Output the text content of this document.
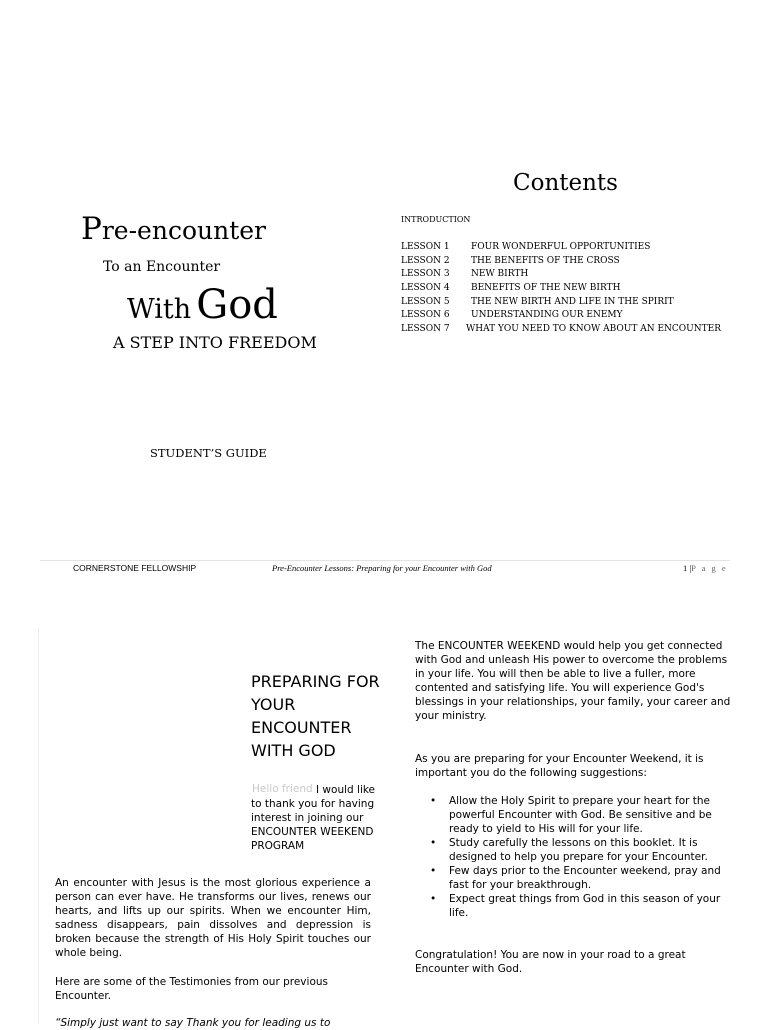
Pre-encounter
To an Encounter
With God
A STEP INTO FREEDOM
STUDENT’S GUIDE
Contents
INTRODUCTION
LESSON 1	FOUR WONDERFUL OPPORTUNITIES
LESSON 2	THE BENEFITS OF THE CROSS
LESSON 3	NEW BIRTH
LESSON 4	BENEFITS OF THE NEW BIRTH
LESSON 5	THE NEW BIRTH AND LIFE IN THE SPIRIT
LESSON 6	UNDERSTANDING OUR ENEMY
LESSON 7	WHAT YOU NEED TO KNOW ABOUT AN ENCOUNTER
CORNERSTONE FELLOWSHIP	Pre-Encounter Lessons: Preparing for your Encounter with God	1 |P a g e
PREPARING FOR YOUR ENCOUNTER WITH GOD
Hello friend I would like to thank you for having interest in joining our ENCOUNTER WEEKEND PROGRAM
An encounter with Jesus is the most glorious experience a person can ever have. He transforms our lives, renews our hearts, and lifts up our spirits. When we encounter Him, sadness disappears, pain dissolves and depression is broken because the strength of His Holy Spirit touches our whole being.
Here are some of the Testimonies from our previous Encounter.
“Simply just want to say Thank you for leading us to
The ENCOUNTER WEEKEND would help you get connected with God and unleash His power to overcome the problems in your life. You will then be able to live a fuller, more contented and satisfying life. You will experience God's blessings in your relationships, your family, your career and your ministry.
As you are preparing for your Encounter Weekend, it is important you do the following suggestions:
• Allow the Holy Spirit to prepare your heart for the powerful Encounter with God. Be sensitive and be ready to yield to His will for your life.
• Study carefully the lessons on this booklet. It is designed to help you prepare for your Encounter.
• Few days prior to the Encounter weekend, pray and fast for your breakthrough.
• Expect great things from God in this season of your life.
Congratulation! You are now in your road to a great Encounter with God.
